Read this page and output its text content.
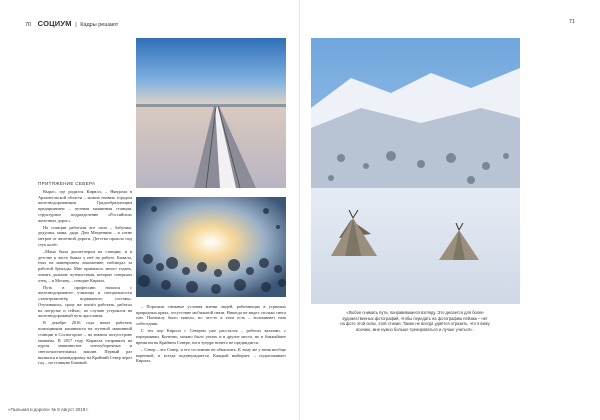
70 СОЦИУМ | Кадры решают
ПРИТЯЖЕНИЕ СЕВЕРА

Вырос, где родился Кирилл, – Няндома в Архангельской области – можно назвать городом железнодорожников. Градообразующим предприятием – путевая машинная станция, структурное подразделение «Российских железных дорог».

На станции работали все свои – бабушка, дедушка, мама, дядя. Дом Матренина – в сотне метров от железной дороги. Детство прошло под стук колёс.

–Мама была диспетчером на станции, и в детстве я часто бывал у неё на работе. Бывало, ехал на маневровом локомотиве, наблюдал за работой бригады. Мне нравилось много ездить, ловить дальние путешествия, которые совершал отец, – в Москву, – говорит Кирилл.

Путь в профессию начался с железнодорожного училища и специальности «электромонтёр подвижного состава». Отучившись, сразу же пошёл работать, работал на погрузке и сейчас, по случаю устроился на железнодорожный путь ярославля.

В декабре 2016 года начал работать помощником машиниста на путевой машинной станции в Сосногорске – на южном полуострове машины. В 2017 году Кирилла отправили на курсы машинистов снегоуборочных и снегоочистительных машин. Первый раз вызвался в командировку на Крайний Север через год – на станцию Бованой.

– Поразили снежные условия жизни людей, работающих в угрюмых природных краях, отсутствие мобильной связи. Никогда не видел столько снега там. Поначалу было тяжело, но что-то в этом есть – вспоминает наш собеседник.

С тех пор Кирилл с Севером уже расстался – работал вахтами, с перерывами. Конечно, можно было уехать и в другие места, но в ближайшее время ни на Крайнем Севере, ни в тундре ничего не предвидится.

– Север – это Север, и его состояние не объяснить. К тому же у меня вообще коренной, и всегда подтверждается. Каждый выбирает, – подытоживает Кирилл.

«Пыльная и дороги» № 8 Август 2019 г.
71
«Любое снимать пути, понравившиеся взгляду. Это делается для более художественных фотографий, чтобы передать на фотографию пейзаж – нет на фото этой силы, этой стихии. Также не всегда удаётся отразить, что я вижу воочию, мне нужно больше тренироваться и лучше учиться».
